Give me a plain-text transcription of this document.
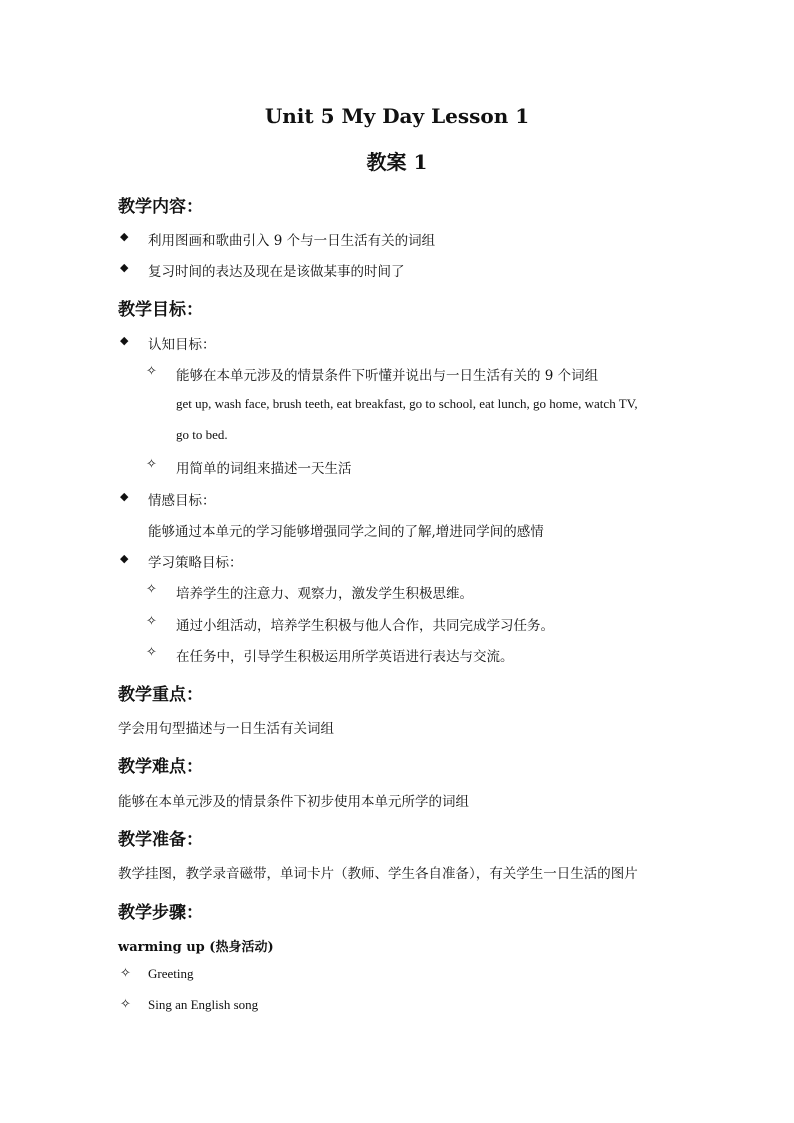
Unit 5 My Day Lesson 1
教案 1
教学内容：
◆ 利用图画和歌曲引入 9 个与一日生活有关的词组
◆ 复习时间的表达及现在是该做某事的时间了
教学目标：
◆ 认知目标：
✧ 能够在本单元涉及的情景条件下听懂并说出与一日生活有关的 9 个词组
get up, wash face, brush teeth, eat breakfast, go to school, eat lunch, go home, watch TV,
go to bed.
✧ 用简单的词组来描述一天生活
◆ 情感目标：
能够通过本单元的学习能够增强同学之间的了解,增进同学间的感情
◆ 学习策略目标：
✧ 培养学生的注意力、观察力，激发学生积极思维。
✧ 通过小组活动，培养学生积极与他人合作，共同完成学习任务。
✧ 在任务中，引导学生积极运用所学英语进行表达与交流。
教学重点：
学会用句型描述与一日生活有关词组
教学难点：
能够在本单元涉及的情景条件下初步使用本单元所学的词组
教学准备：
教学挂图，教学录音磁带，单词卡片（教师、学生各自准备），有关学生一日生活的图片
教学步骤：
warming up (热身活动)
✧ Greeting
✧ Sing an English song
